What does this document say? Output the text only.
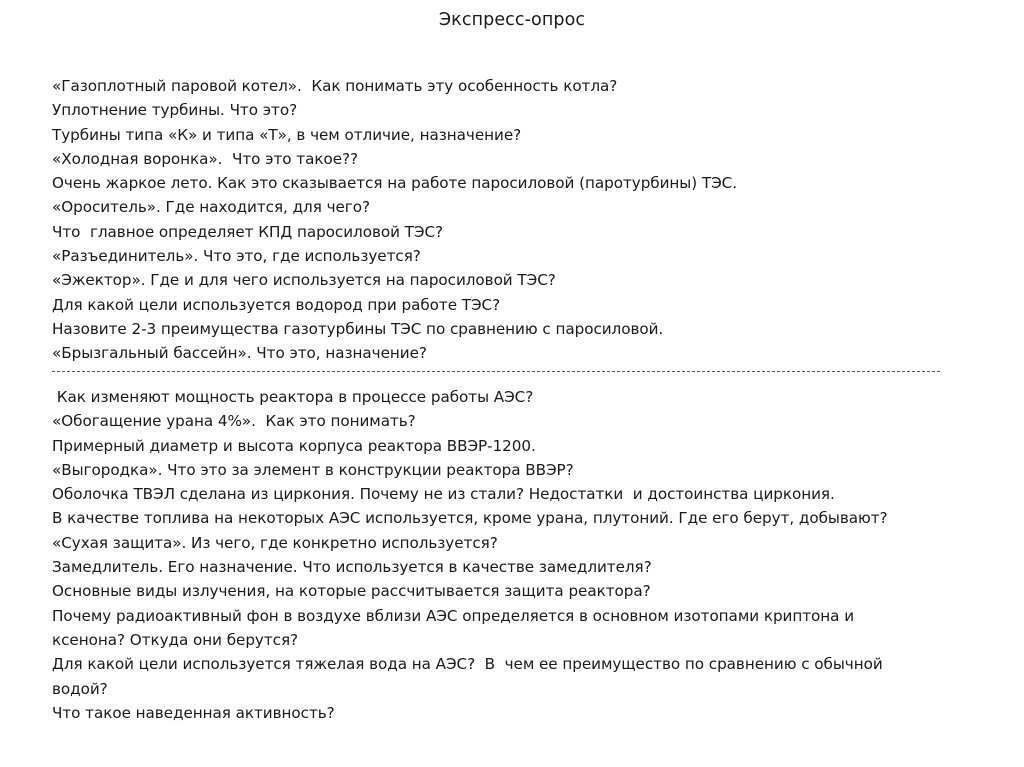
Экспресс-опрос

«Газоплотный паровой котел».  Как понимать эту особенность котла?

Уплотнение турбины. Что это?

Турбины типа «К» и типа «Т», в чем отличие, назначение?

«Холодная воронка».  Что это такое??

Очень жаркое лето. Как это сказывается на работе паросиловой (паротурбины) ТЭС.

«Ороситель». Где находится, для чего?

Что  главное определяет КПД паросиловой ТЭС?

«Разъединитель». Что это, где используется?

«Эжектор». Где и для чего используется на паросиловой ТЭС?

Для какой цели используется водород при работе ТЭС?

Назовите 2-3 преимущества газотурбины ТЭС по сравнению с паросиловой.

«Брызгальный бассейн». Что это, назначение?

Как изменяют мощность реактора в процессе работы АЭС?

«Обогащение урана 4%».  Как это понимать?

Примерный диаметр и высота корпуса реактора ВВЭР-1200.

«Выгородка». Что это за элемент в конструкции реактора ВВЭР?

Оболочка ТВЭЛ сделана из циркония. Почему не из стали? Недостатки  и достоинства циркония.

В качестве топлива на некоторых АЭС используется, кроме урана, плутоний. Где его берут, добывают?

«Сухая защита». Из чего, где конкретно используется?

Замедлитель. Его назначение. Что используется в качестве замедлителя?

Основные виды излучения, на которые рассчитывается защита реактора?

Почему радиоактивный фон в воздухе вблизи АЭС определяется в основном изотопами криптона и

ксенона? Откуда они берутся?

Для какой цели используется тяжелая вода на АЭС?  В  чем ее преимущество по сравнению с обычной

водой?

Что такое наведенная активность?
